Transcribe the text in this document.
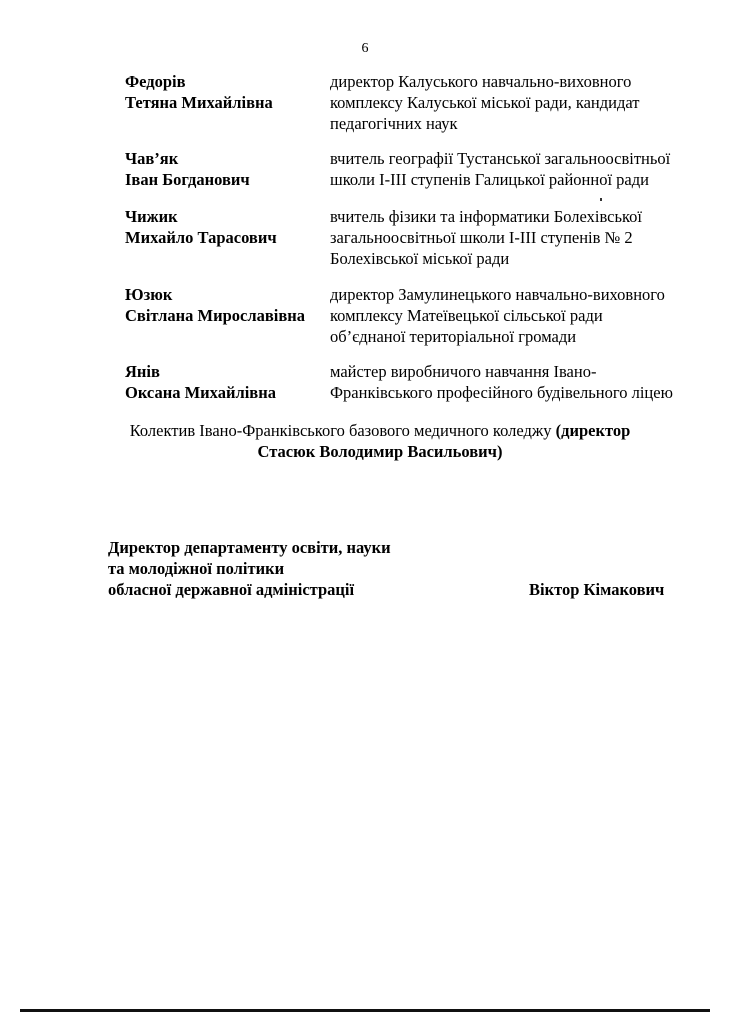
6
Федорів
Тетяна Михайлівна
директор Калуського навчально-виховного
комплексу Калуської міської ради, кандидат
педагогічних наук
Чав’як
Іван Богданович
вчитель географії Тустанської загальноосвітньої
школи І-ІІІ ступенів Галицької районної ради
Чижик
Михайло Тарасович
вчитель фізики та інформатики Болехівської
загальноосвітньої школи І-ІІІ ступенів № 2
Болехівської міської ради
Юзюк
Світлана Мирославівна
директор Замулинецького навчально-виховного
комплексу Матеївецької сільської ради
об’єднаної територіальної громади
Янів
Оксана Михайлівна
майстер виробничого навчання Івано-
Франківського професійного будівельного ліцею
Колектив Івано-Франківського базового медичного коледжу (директор
Стасюк Володимир Васильович)
Директор департаменту освіти, науки
та молодіжної політики
обласної державної адміністрації	Віктор Кімакович
